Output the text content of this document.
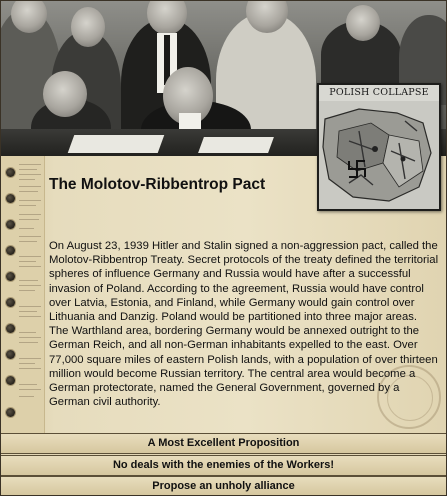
POLISH COLLAPSE
The Molotov-Ribbentrop Pact
On August 23, 1939 Hitler and Stalin signed a non-aggression pact, called the Molotov-Ribbentrop Treaty. Secret protocols of the treaty defined the territorial spheres of influence Germany and Russia would have after a successful invasion of Poland. According to the agreement, Russia would have control over Latvia, Estonia, and Finland, while Germany would gain control over Lithuania and Danzig. Poland would be partitioned into three major areas. The Warthland area, bordering Germany would be annexed outright to the German Reich, and all non-German inhabitants expelled to the east. Over 77,000 square miles of eastern Polish lands, with a population of over thirteen million would become Russian territory. The central area would become a German protectorate, named the General Government, governed by a German civil authority.
A Most Excellent Proposition
No deals with the enemies of the Workers!
Propose an unholy alliance
